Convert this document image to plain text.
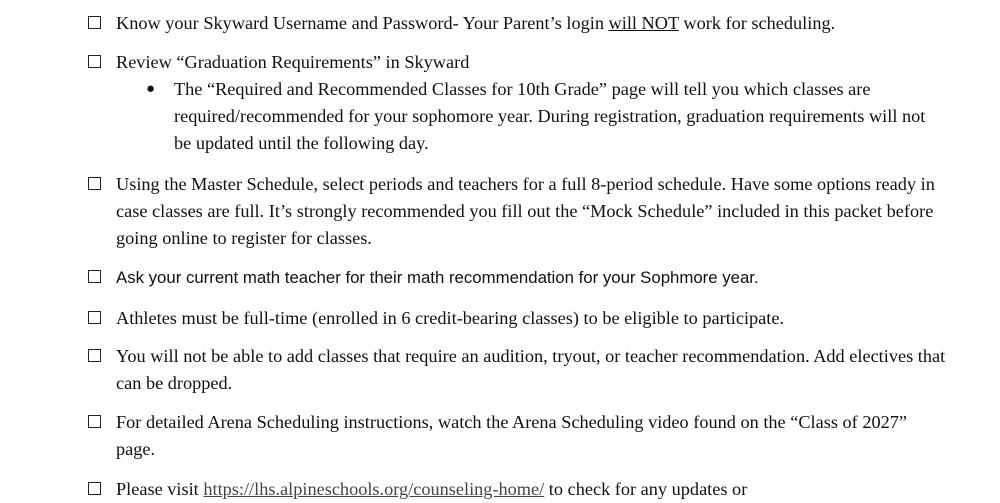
Know your Skyward Username and Password- Your Parent’s login will NOT work for scheduling.
Review “Graduation Requirements” in Skyward
● The “Required and Recommended Classes for 10th Grade” page will tell you which classes are required/recommended for your sophomore year. During registration, graduation requirements will not be updated until the following day.
Using the Master Schedule, select periods and teachers for a full 8-period schedule. Have some options ready in case classes are full. It’s strongly recommended you fill out the “Mock Schedule” included in this packet before going online to register for classes.
Ask your current math teacher for their math recommendation for your Sophmore year.
Athletes must be full-time (enrolled in 6 credit-bearing classes) to be eligible to participate.
You will not be able to add classes that require an audition, tryout, or teacher recommendation. Add electives that can be dropped.
For detailed Arena Scheduling instructions, watch the Arena Scheduling video found on the “Class of 2027” page.
Please visit https://lhs.alpineschools.org/counseling-home/ to check for any updates or
